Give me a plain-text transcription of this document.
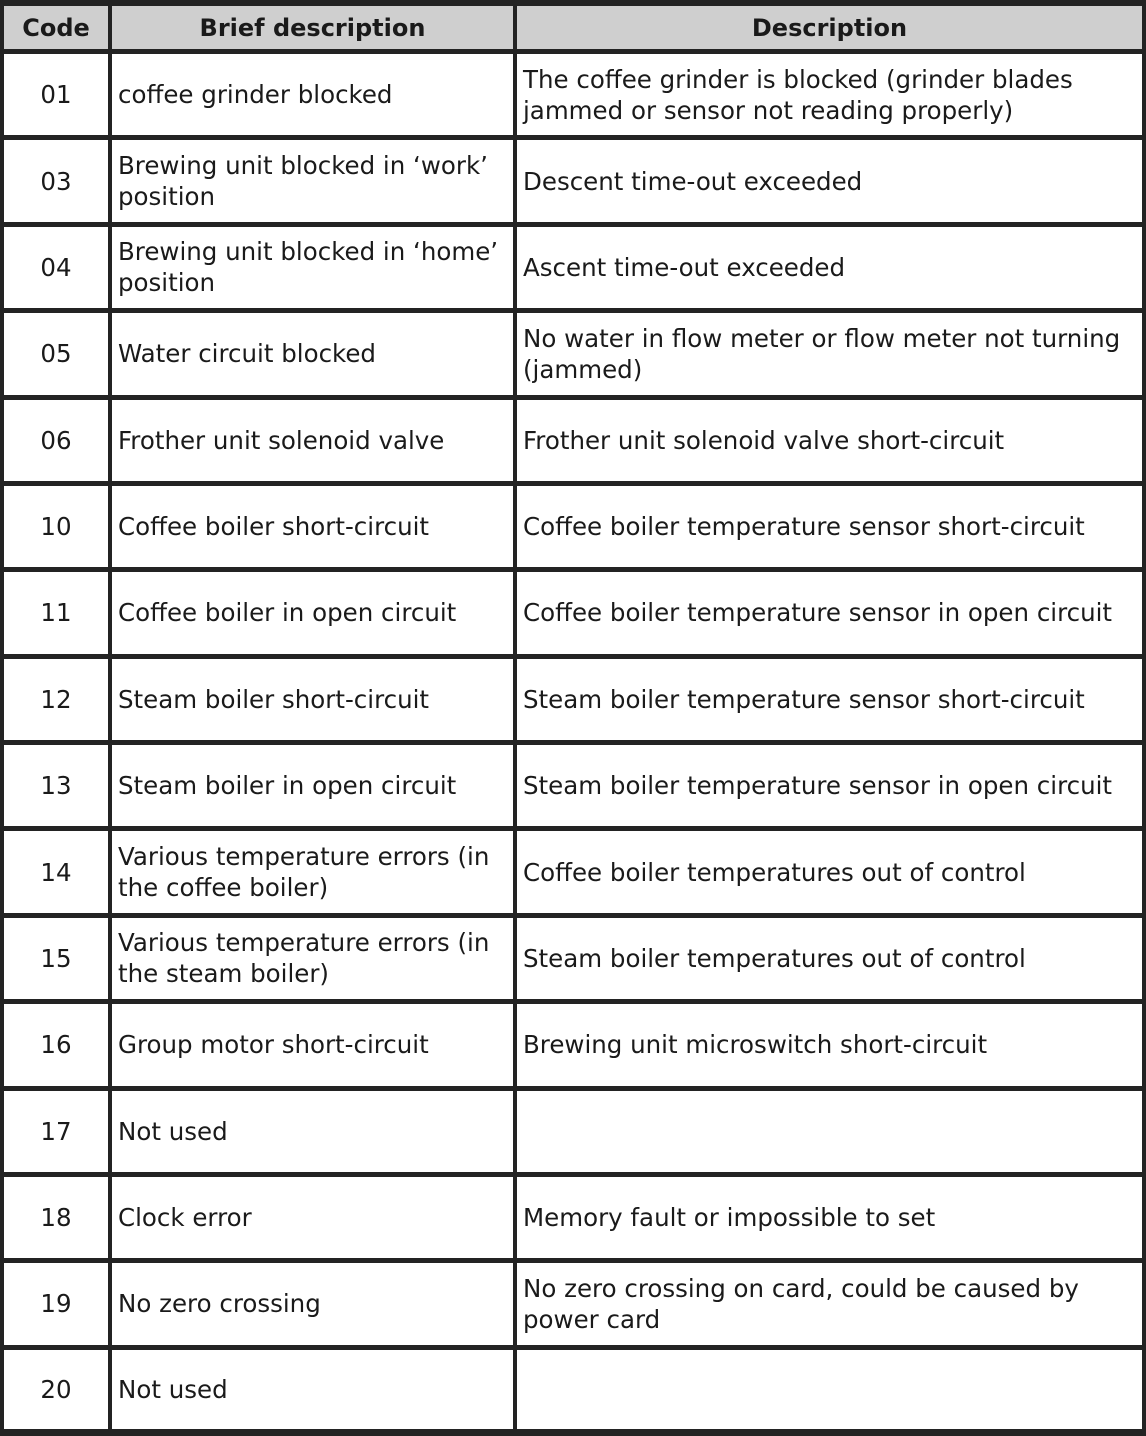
Code	Brief description	Description
01	coffee grinder blocked	The coffee grinder is blocked (grinder blades jammed or sensor not reading properly)
03	Brewing unit blocked in ‘work’ position	Descent time-out exceeded
04	Brewing unit blocked in ‘home’ position	Ascent time-out exceeded
05	Water circuit blocked	No water in flow meter or flow meter not turning (jammed)
06	Frother unit solenoid valve	Frother unit solenoid valve short-circuit
10	Coffee boiler short-circuit	Coffee boiler temperature sensor short-circuit
11	Coffee boiler in open circuit	Coffee boiler temperature sensor in open circuit
12	Steam boiler short-circuit	Steam boiler temperature sensor short-circuit
13	Steam boiler in open circuit	Steam boiler temperature sensor in open circuit
14	Various temperature errors (in the coffee boiler)	Coffee boiler temperatures out of control
15	Various temperature errors (in the steam boiler)	Steam boiler temperatures out of control
16	Group motor short-circuit	Brewing unit microswitch short-circuit
17	Not used	
18	Clock error	Memory fault or impossible to set
19	No zero crossing	No zero crossing on card, could be caused by power card
20	Not used	
